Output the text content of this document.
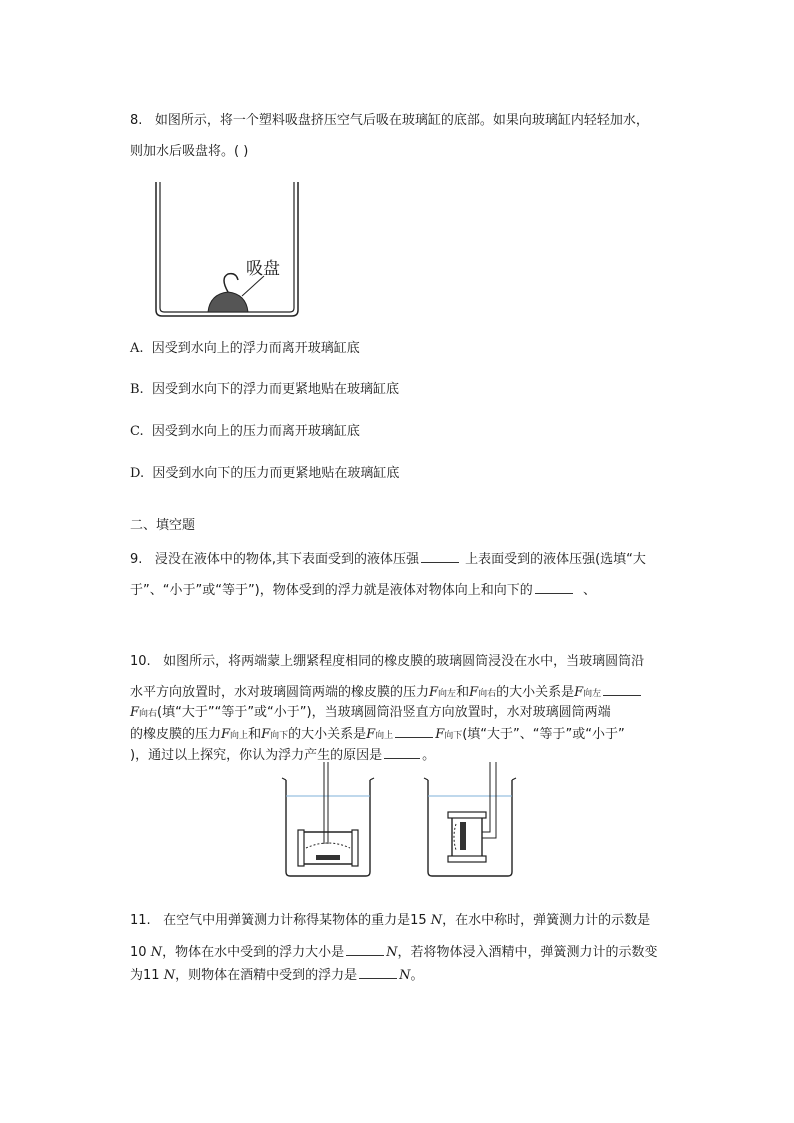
8. 如图所示，将一个塑料吸盘挤压空气后吸在玻璃缸的底部。如果向玻璃缸内轻轻加水，
则加水后吸盘将。( )
吸盘
A. 因受到水向上的浮力而离开玻璃缸底
B. 因受到水向下的浮力而更紧地贴在玻璃缸底
C. 因受到水向上的压力而离开玻璃缸底
D. 因受到水向下的压力而更紧地贴在玻璃缸底
二、填空题
9. 浸没在液体中的物体,其下表面受到的液体压强	上表面受到的液体压强(选填“大
于”、“小于”或“等于”)，物体受到的浮力就是液体对物体向上和向下的	、
10. 如图所示，将两端蒙上绷紧程度相同的橡皮膜的玻璃圆筒浸没在水中，当玻璃圆筒沿
水平方向放置时，水对玻璃圆筒两端的橡皮膜的压力F向左和F向右的大小关系是F向左
F向右(填“大于”“等于”或“小于”)，当玻璃圆筒沿竖直方向放置时，水对玻璃圆筒两端
的橡皮膜的压力F向上和F向下的大小关系是F向上	F向下(填“大于”、“等于”或“小于”
)，通过以上探究，你认为浮力产生的原因是	。
11. 在空气中用弹簧测力计称得某物体的重力是15 N，在水中称时，弹簧测力计的示数是
10 N，物体在水中受到的浮力大小是	N，若将物体浸入酒精中，弹簧测力计的示数变
为11 N，则物体在酒精中受到的浮力是	N。
